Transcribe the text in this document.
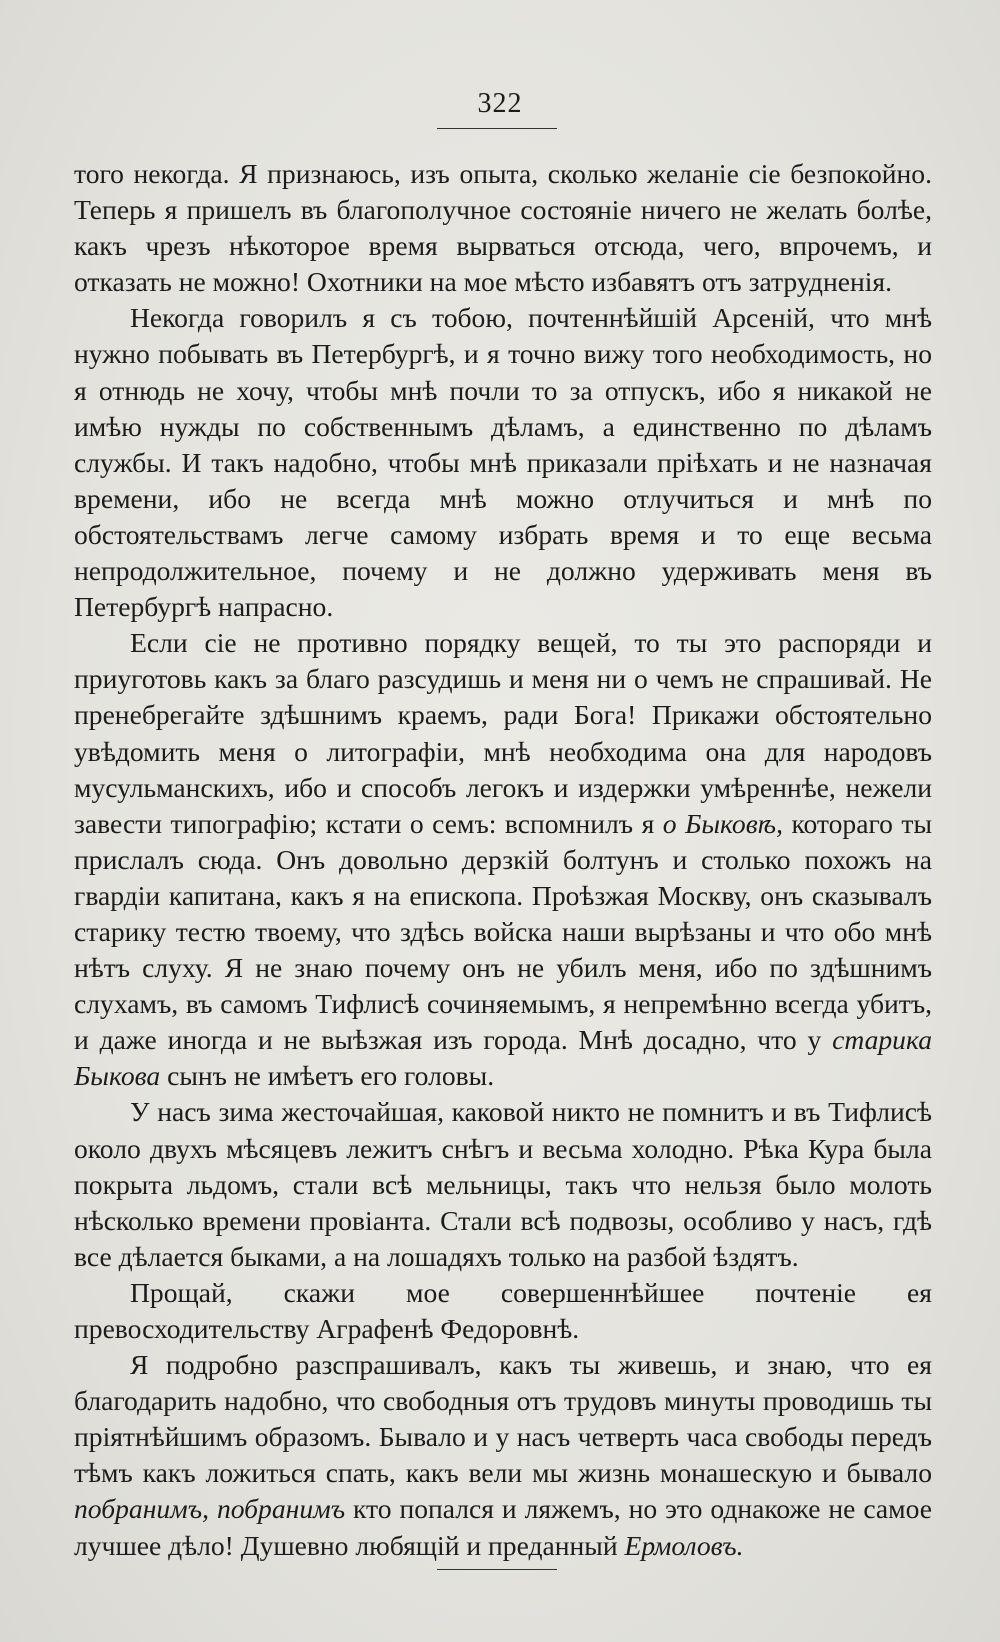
322

того некогда. Я признаюсь, изъ опыта, сколько желаніе сіе безпокойно. Теперь я пришелъ въ благополучное состояніе ничего не желать болѣе, какъ чрезъ нѣкоторое время вырваться отсюда, чего, впрочемъ, и отказать не можно! Охотники на мое мѣсто избавятъ отъ затрудненія.

Некогда говорилъ я съ тобою, почтеннѣйшій Арсеній, что мнѣ нужно побывать въ Петербургѣ, и я точно вижу того необходимость, но я отнюдь не хочу, чтобы мнѣ почли то за отпускъ, ибо я никакой не имѣю нужды по собственнымъ дѣламъ, а единственно по дѣламъ службы. И такъ надобно, чтобы мнѣ приказали пріѣхать и не назначая времени, ибо не всегда мнѣ можно отлучиться и мнѣ по обстоятельствамъ легче самому избрать время и то еще весьма непродолжительное, почему и не должно удерживать меня въ Петербургѣ напрасно.

Если сіе не противно порядку вещей, то ты это распоряди и приуготовь какъ за благо разсудишь и меня ни о чемъ не спрашивай. Не пренебрегайте здѣшнимъ краемъ, ради Бога! Прикажи обстоятельно увѣдомить меня о литографіи, мнѣ необходима она для народовъ мусульманскихъ, ибо и способъ легокъ и издержки умѣреннѣе, нежели завести типографію; кстати о семъ: вспомнилъ я о Быковѣ, котораго ты прислалъ сюда. Онъ довольно дерзкій болтунъ и столько похожъ на гвардіи капитана, какъ я на епископа. Проѣзжая Москву, онъ сказывалъ старику тестю твоему, что здѣсь войска наши вырѣзаны и что обо мнѣ нѣтъ слуху. Я не знаю почему онъ не убилъ меня, ибо по здѣшнимъ слухамъ, въ самомъ Тифлисѣ сочиняемымъ, я непремѣнно всегда убитъ, и даже иногда и не выѣзжая изъ города. Мнѣ досадно, что у старика Быкова сынъ не имѣетъ его головы.

У насъ зима жесточайшая, каковой никто не помнитъ и въ Тифлисѣ около двухъ мѣсяцевъ лежитъ снѣгъ и весьма холодно. Рѣка Кура была покрыта льдомъ, стали всѣ мельницы, такъ что нельзя было молоть нѣсколько времени провіанта. Стали всѣ подвозы, особливо у насъ, гдѣ все дѣлается быками, а на лошадяхъ только на разбой ѣздятъ.

Прощай, скажи мое совершеннѣйшее почтеніе ея превосходительству Аграфенѣ Федоровнѣ.

Я подробно разспрашивалъ, какъ ты живешь, и знаю, что ея благодарить надобно, что свободныя отъ трудовъ минуты проводишь ты пріятнѣйшимъ образомъ. Бывало и у насъ четверть часа свободы передъ тѣмъ какъ ложиться спать, какъ вели мы жизнь монашескую и бывало побранимъ, побранимъ кто попался и ляжемъ, но это однакоже не самое лучшее дѣло! Душевно любящій и преданный Ермоловъ.
